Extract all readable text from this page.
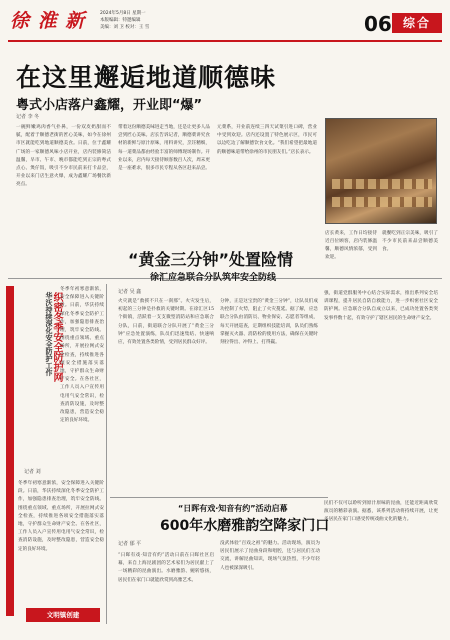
徐 淮 新	2024年5月8日 星期一
本版编辑：特邀编辑
美编：刘 卫 校对：王 雪	06 综合
在这里邂逅地道顺德味
粤式小店落户鑫耀，开业即“爆”
记者 李 冬
一碗鲜嫩鸡肉香气扑鼻，一份双皮奶甜而不腻，配着于顺德老街的匠心美味，如今在徐州市区就能吃到地道顺德美食。日前，位于鑫耀广场的一家顺德风味小店开业，店内装修简洁温馨，早市、午市、晚市都能吃到正宗的粤式点心、煲仔饭，吸引不少市民前来打卡品尝，开业以来门店生意火爆，成为鑫耀广场餐饮新亮点。
带着这份顺德美味进走当地，还是让更多人品尝到匠心美味。店长告诉记者，顺德菜讲究食材的新鲜与原汁原味，用料讲究，烹饪精细，每一道菜品都由经验丰富的师傅现场制作。开业以来，店内每天接待顾客数百人次，周末更是一座难求，很多市民专程从各区赶来品尝。
元菜系，开业前连续三四天试菜引进口碑，营业中受到欢迎。店内还设置了特色展示区，市民可以边吃边了解顺德饮食文化。“我们希望把最地道的顺德味道带给徐州的市民朋友们。”店长表示。
店长黄来，工作日均接待近百位顾客，店内装修温馨，顺德风情浓郁，受到欢迎。
就餐吃到正宗美味，吸引了不少市民前来品尝顺德美食。
织密冬季安全防护网
华沃持续深化安全防护工作
记者 刘
冬季年初寒意渐浓，安全保障进入关键阶段。日前，华沃持续深化冬季安全防护工作，加强隐患排查治理，筑牢安全防线。围绕重点领域、重点场所，开展拉网式安全检查，持续推进各项安全措施落实落地，守护群众生命财产安全。在各社区，工作人员入户宣传用电用气安全常识，检查消防设施，及时整改隐患，营造安全稳定的良好环境。
冬季年初寒意渐浓，安全保障进入关键阶段。日前，华沃持续深化冬季安全防护工作，加强隐患排查治理，筑牢安全防线。围绕重点领域、重点场所，开展拉网式安全检查，持续推进各项安全措施落实落地，守护群众生命财产安全。在各社区，工作人员入户宣传用电用气安全常识，检查消防设施，及时整改隐患，营造安全稳定的良好环境。
文明镇创建
“黄金三分钟”处置险情
徐汇应急联合分队筑牢安全防线
记者 吴 鑫
火灾就是“救援不只在一刹那”。火灾发生后，初起的三分钟是扑救的关键时期。在徐汇区15个街镇，活跃着一支支微型消防站和应急联合分队，日前，街道联合分队开展了“黄金三分钟”应急处置演练，队员们迅速集结、快速响应，有效处置各类险情，受到居民群众好评。
分钟，正是这宝贵的“黄金三分钟”，让队员们成功控制了火势，阻止了火灾蔓延。据了解，应急联合分队由消防员、物业保安、志愿者等组成，每天开展巡查，定期组织技能培训，队员们熟练掌握灭火器、消防栓的使用方法，确保在关键时刻拉得出、冲得上、打得赢。
强，街道党群服务中心结合实际需求，推出系列安全培训课程，提升居民自防自救能力，进一步织密社区安全防护网。应急联合分队自成立以来，已成功处置各类突发事件数十起，有效守护了辖区居民的生命财产安全。
“日晖有戏·知音有约”活动启幕
600年水磨雅韵空降家门口
记者 郁 平
“日晖有戏·知音有约”活动日前在日晖社区启幕，来自上海昆剧团的艺术家们为居民献上了一场精彩的昆曲演出。水磨雅韵、婉转悠扬，居民们在家门口就能欣赏到高雅艺术。
没武体验“百戏之祖”的魅力。活动现场，演员为居民们展示了昆曲身段和唱腔，还与居民们互动交流，讲解昆曲知识，现场气氛热烈，不少年轻人也被深深吸引。
民们不仅可以聆听到原汁原味的昆曲，还能近距离欣赏演员的精彩表演。据悉，该系列活动将持续开展，让更多居民在家门口感受传统戏曲文化的魅力。
